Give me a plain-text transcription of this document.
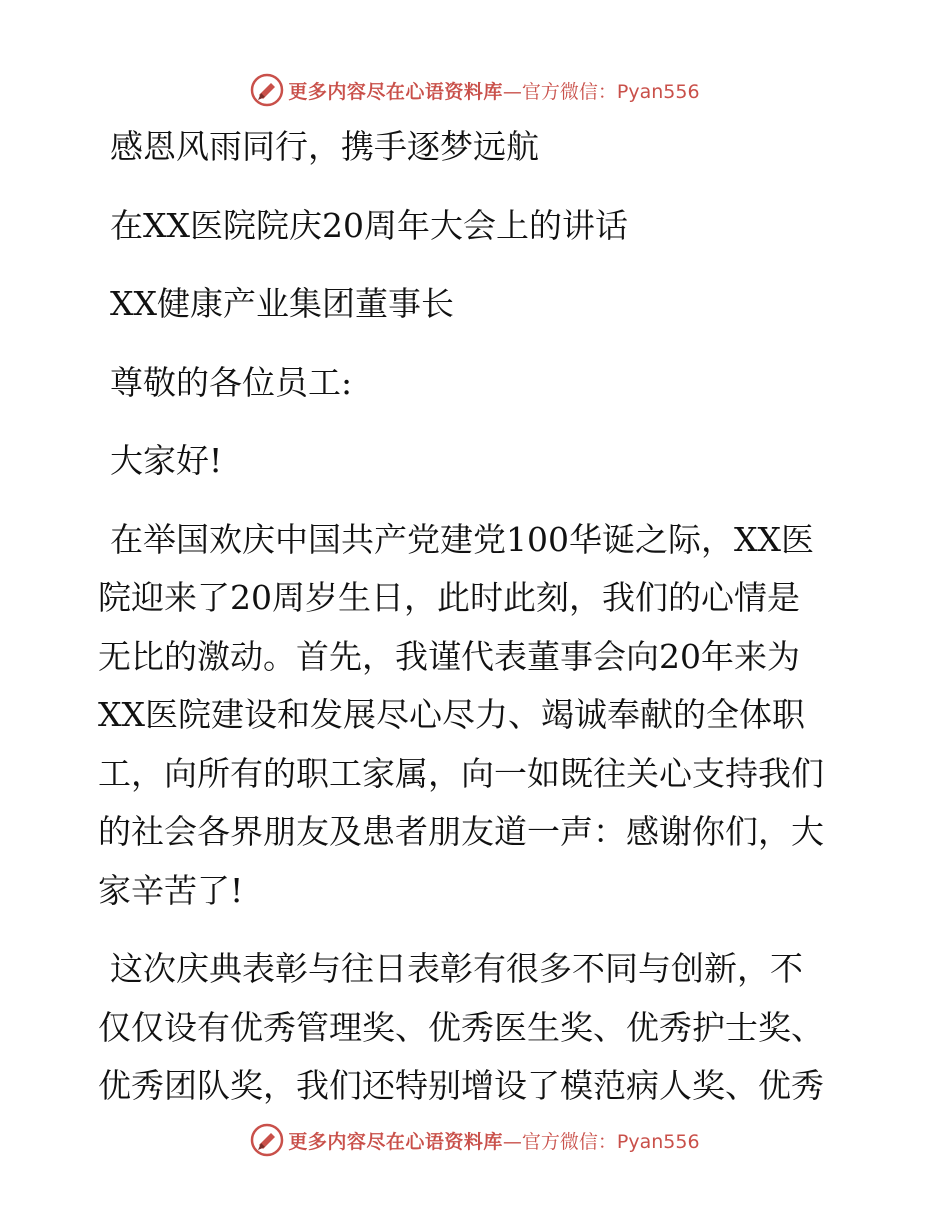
更多内容尽在心语资料库 —官方微信：Pyan556
感恩风雨同行，携手逐梦远航
在XX医院院庆20周年大会上的讲话
XX健康产业集团董事长
尊敬的各位员工:
大家好!
在举国欢庆中国共产党建党100华诞之际，XX医
院迎来了20周岁生日，此时此刻，我们的心情是
无比的激动。首先，我谨代表董事会向20年来为
XX医院建设和发展尽心尽力、竭诚奉献的全体职
工，向所有的职工家属，向一如既往关心支持我们
的社会各界朋友及患者朋友道一声：感谢你们，大
家辛苦了!
这次庆典表彰与往日表彰有很多不同与创新，不
仅仅设有优秀管理奖、优秀医生奖、优秀护士奖、
优秀团队奖，我们还特别增设了模范病人奖、优秀
更多内容尽在心语资料库 —官方微信：Pyan556
